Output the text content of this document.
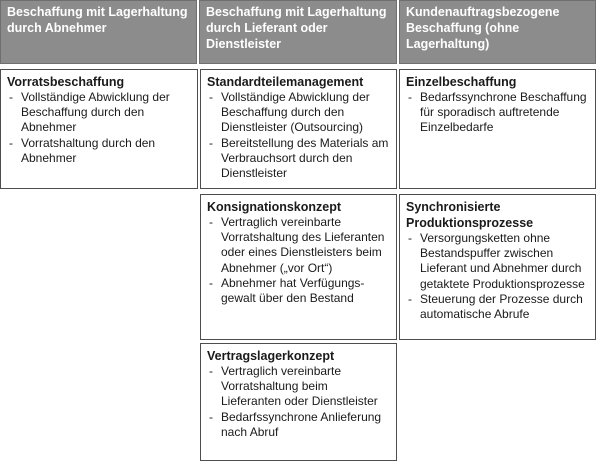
Beschaffung mit Lagerhaltung durch Abnehmer
Beschaffung mit Lagerhaltung durch Lieferant oder Dienstleister
Kundenauftragsbezogene Beschaffung (ohne Lagerhaltung)
Vorratsbeschaffung
- Vollständige Abwicklung der Beschaffung durch den Abnehmer
- Vorratshaltung durch den Abnehmer
Standardteilemanagement
- Vollständige Abwicklung der Beschaffung durch den Dienstleister (Outsourcing)
- Bereitstellung des Materials am Verbrauchsort durch den Dienstleister
Einzelbeschaffung
- Bedarfssynchrone Beschaffung für sporadisch auftretende Einzelbedarfe
Konsignationskonzept
- Vertraglich vereinbarte Vorratshaltung des Lieferanten oder eines Dienstleisters beim Abnehmer („vor Ort“)
- Abnehmer hat Verfügungs-gewalt über den Bestand
Synchronisierte Produktionsprozesse
- Versorgungsketten ohne Bestandspuffer zwischen Lieferant und Abnehmer durch getaktete Produktionsprozesse
- Steuerung der Prozesse durch automatische Abrufe
Vertragslagerkonzept
- Vertraglich vereinbarte Vorratshaltung beim Lieferanten oder Dienstleister
- Bedarfssynchrone Anlieferung nach Abruf
